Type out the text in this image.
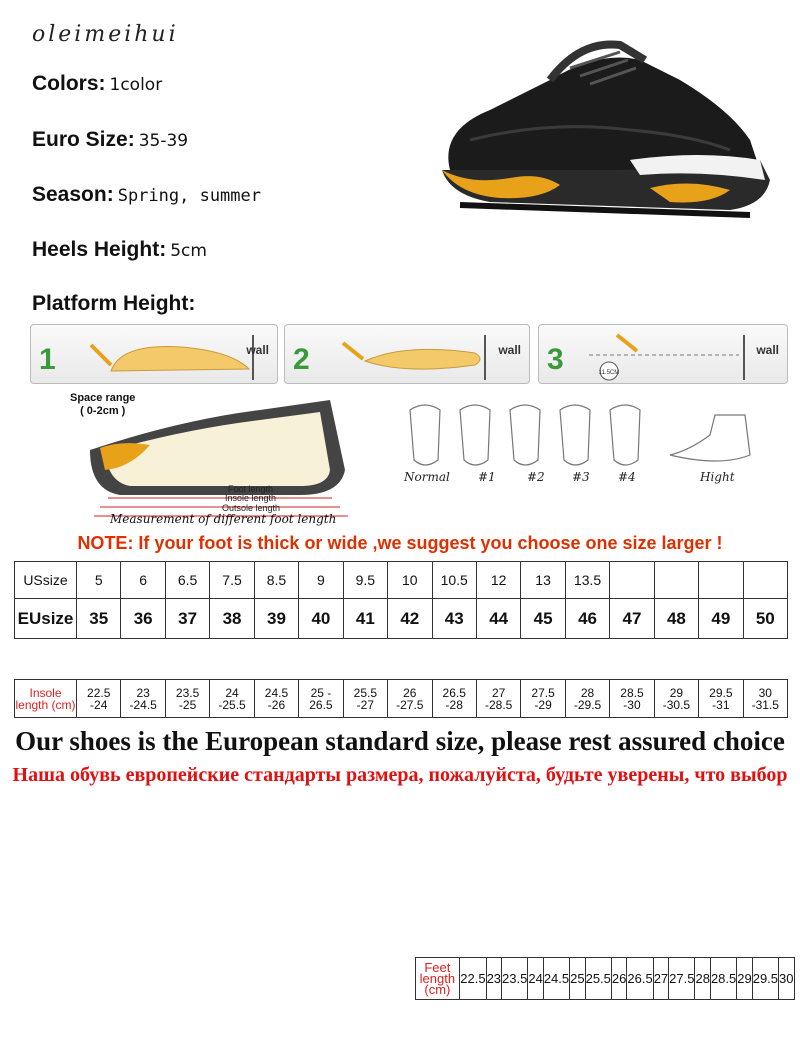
oleimeihui
Colors: 1color
Euro Size: 35-39
Season: Spring, summer
Heels Height: 5cm
Platform Height:
1	wall 2	wall 3	11.5CM
wall
Space range
( 0-2cm )
Foot length
Insole length
Outsole length
Measurement of different foot length
Normal #1	#2 #3 #4	Hight
NOTE: If your foot is thick or wide ,we suggest you choose one size larger !
USsize	5	6	6.5	7.5	8.5	9	9.5	10	10.5	12	13	13.5				
EUsize	35	36	37	38	39	40	41	42	43	44	45	46	47	48	49	50

Feet length (cm)	22.5	23	23.5	24	24.5	25	25.5	26	26.5	27	27.5	28	28.5	29	29.5	30
Insole length (cm)	22.5 -24	23 -24.5	23.5 -25	24 -25.5	24.5 -26	25 - 26.5	25.5 -27	26 -27.5	26.5 -28	27 -28.5	27.5 -29	28 -29.5	28.5 -30	29 -30.5	29.5 -31	30 -31.5
Our shoes is the European standard size, please rest assured choice
Наша обувь европейские стандарты размера, пожалуйста, будьте уверены, что выбор
